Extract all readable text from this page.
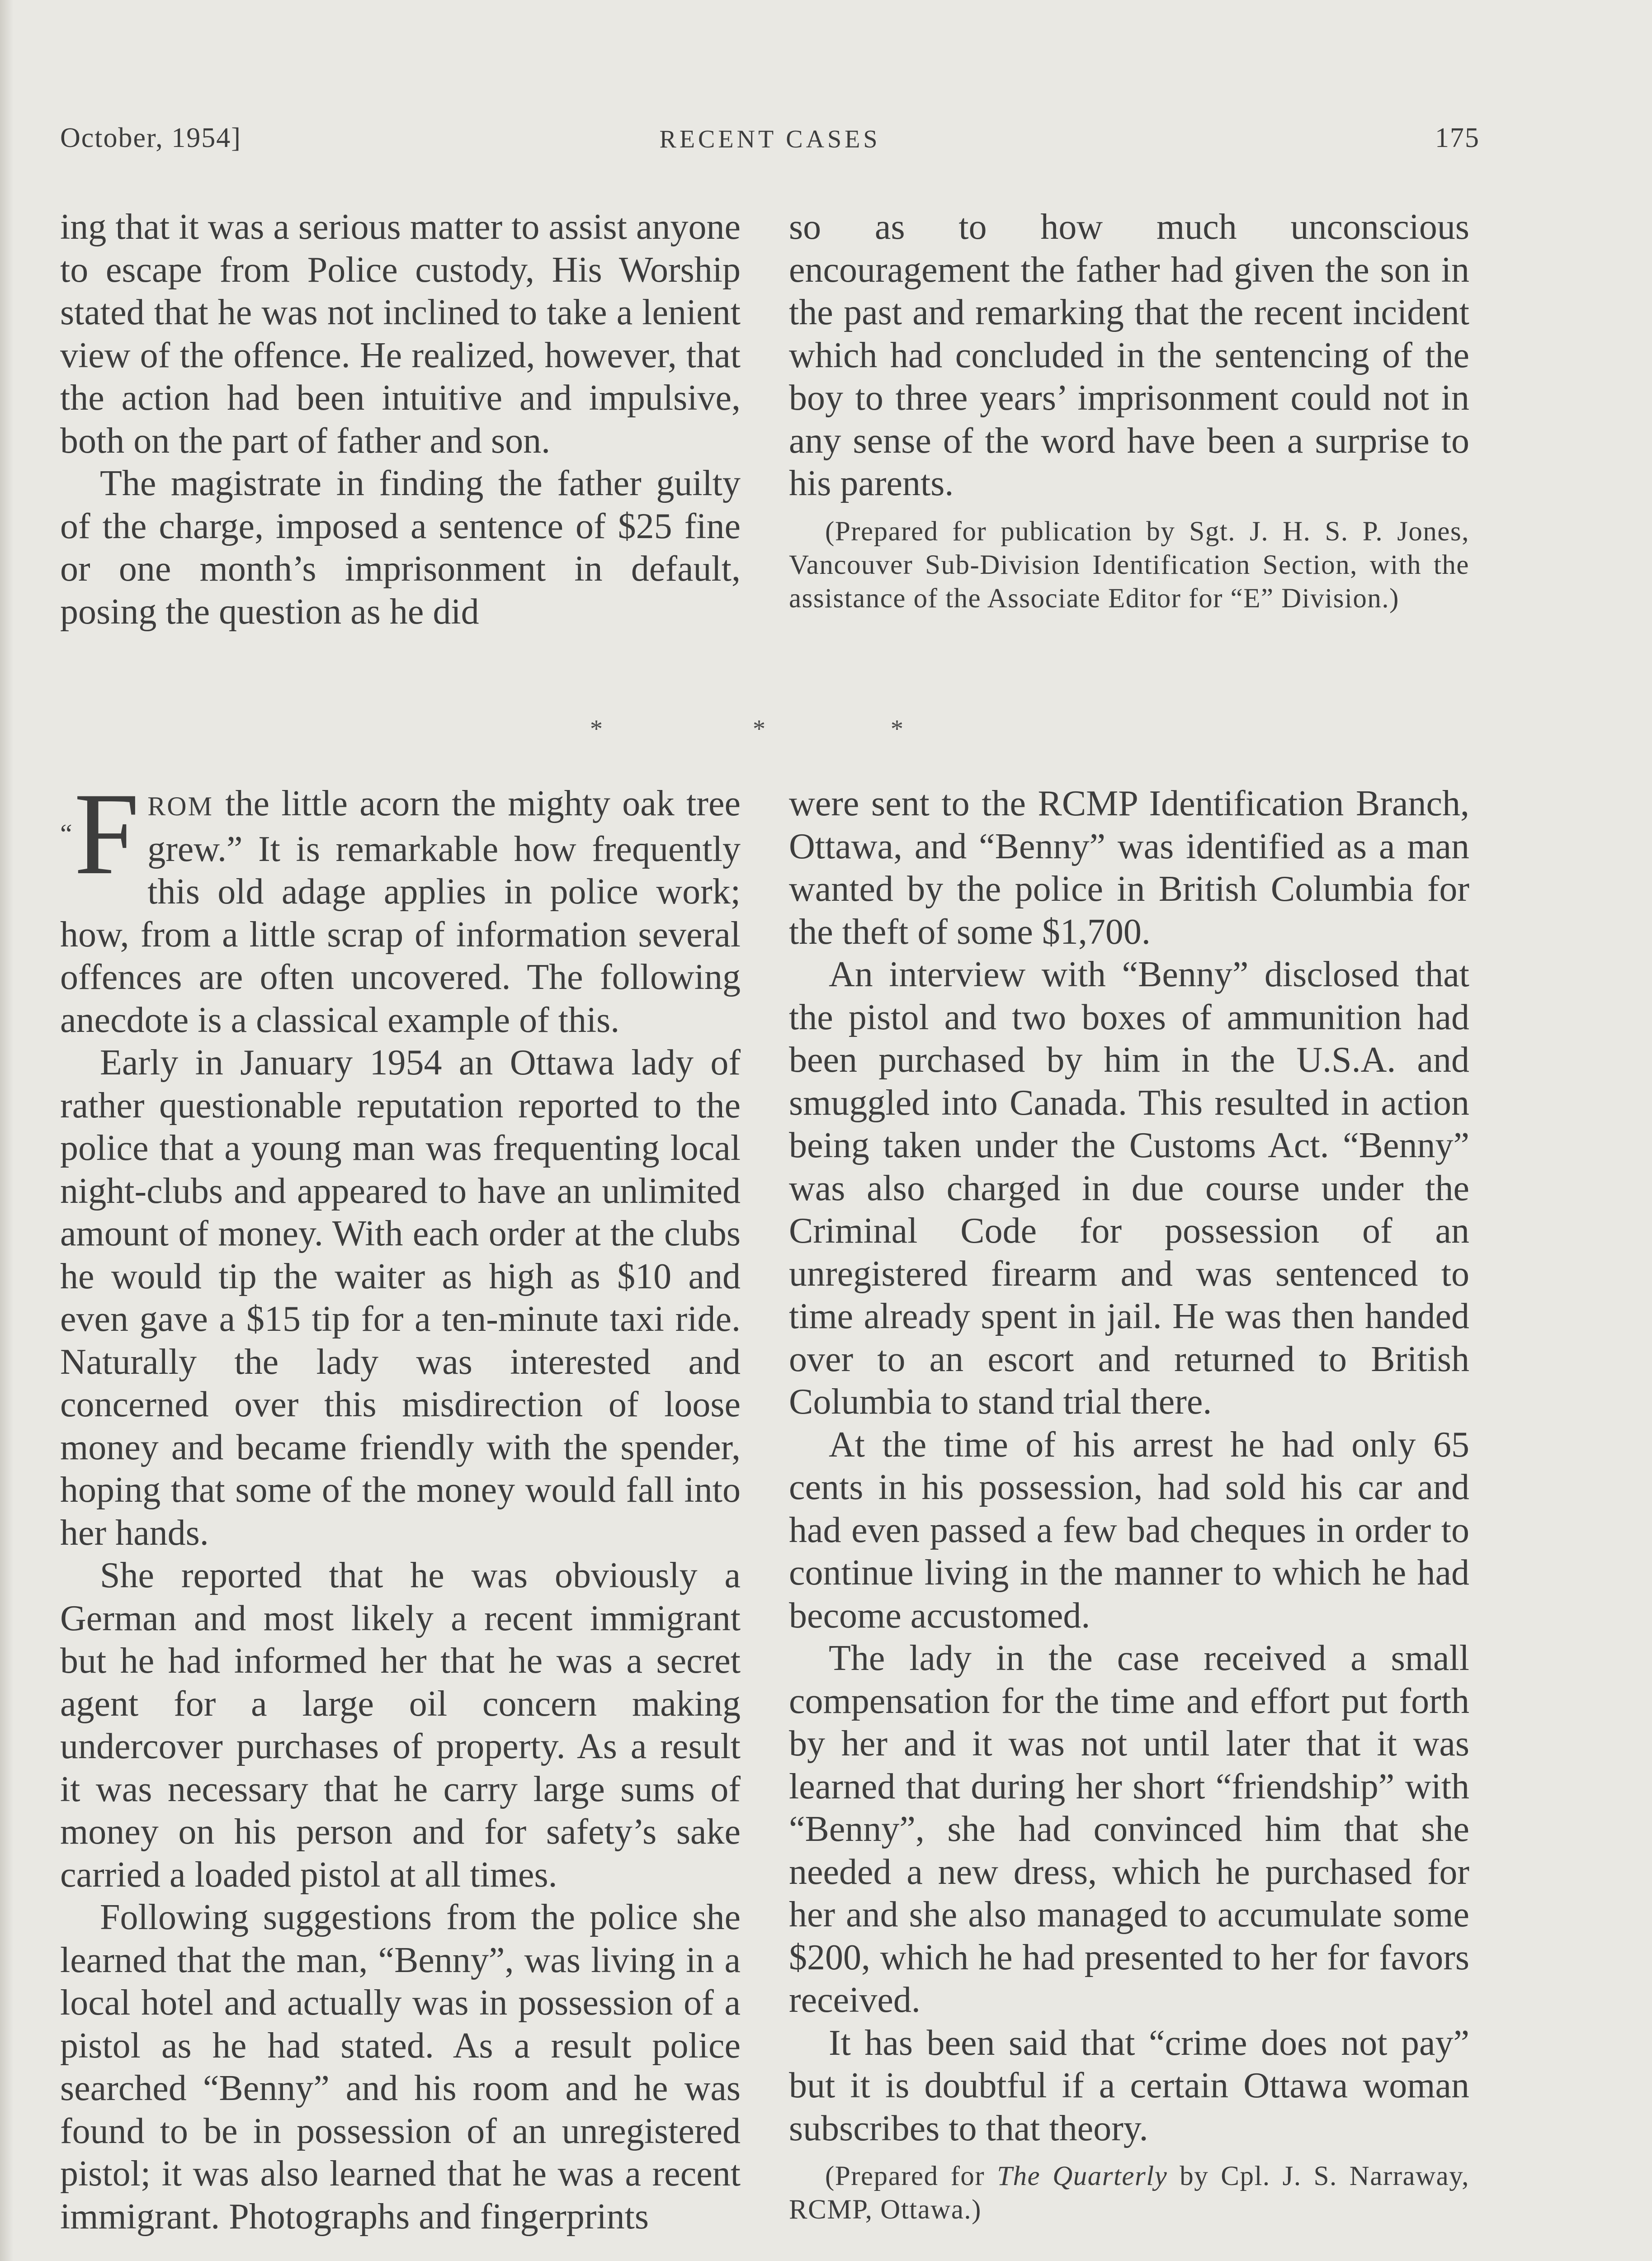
October, 1954]	RECENT CASES	175

ing that it was a serious matter to assist anyone to escape from Police custody, His Worship stated that he was not inclined to take a lenient view of the offence. He realized, however, that the action had been intuitive and impulsive, both on the part of father and son.

The magistrate in finding the father guilty of the charge, imposed a sentence of $25 fine or one month’s imprisonment in default, posing the question as he did

so as to how much unconscious encouragement the father had given the son in the past and remarking that the recent incident which had concluded in the sentencing of the boy to three years’ imprisonment could not in any sense of the word have been a surprise to his parents.

(Prepared for publication by Sgt. J. H. S. P. Jones, Vancouver Sub-Division Identification Section, with the assistance of the Associate Editor for “E” Division.)

*	*	*

“F ROM the little acorn the mighty oak tree grew.” It is remarkable how frequently this old adage applies in police work; how, from a little scrap of information several offences are often uncovered. The following anecdote is a classical example of this.

Early in January 1954 an Ottawa lady of rather questionable reputation reported to the police that a young man was frequenting local night-clubs and appeared to have an unlimited amount of money. With each order at the clubs he would tip the waiter as high as $10 and even gave a $15 tip for a ten-minute taxi ride. Naturally the lady was interested and concerned over this misdirection of loose money and became friendly with the spender, hoping that some of the money would fall into her hands.

She reported that he was obviously a German and most likely a recent immigrant but he had informed her that he was a secret agent for a large oil concern making undercover purchases of property. As a result it was necessary that he carry large sums of money on his person and for safety’s sake carried a loaded pistol at all times.

Following suggestions from the police she learned that the man, “Benny”, was living in a local hotel and actually was in possession of a pistol as he had stated. As a result police searched “Benny” and his room and he was found to be in possession of an unregistered pistol; it was also learned that he was a recent immigrant. Photographs and fingerprints

were sent to the RCMP Identification Branch, Ottawa, and “Benny” was identified as a man wanted by the police in British Columbia for the theft of some $1,700.

An interview with “Benny” disclosed that the pistol and two boxes of ammunition had been purchased by him in the U.S.A. and smuggled into Canada. This resulted in action being taken under the Customs Act. “Benny” was also charged in due course under the Criminal Code for possession of an unregistered firearm and was sentenced to time already spent in jail. He was then handed over to an escort and returned to British Columbia to stand trial there.

At the time of his arrest he had only 65 cents in his possession, had sold his car and had even passed a few bad cheques in order to continue living in the manner to which he had become accustomed.

The lady in the case received a small compensation for the time and effort put forth by her and it was not until later that it was learned that during her short “friendship” with “Benny”, she had convinced him that she needed a new dress, which he purchased for her and she also managed to accumulate some $200, which he had presented to her for favors received.

It has been said that “crime does not pay” but it is doubtful if a certain Ottawa woman subscribes to that theory.

(Prepared for The Quarterly by Cpl. J. S. Narraway, RCMP, Ottawa.)
